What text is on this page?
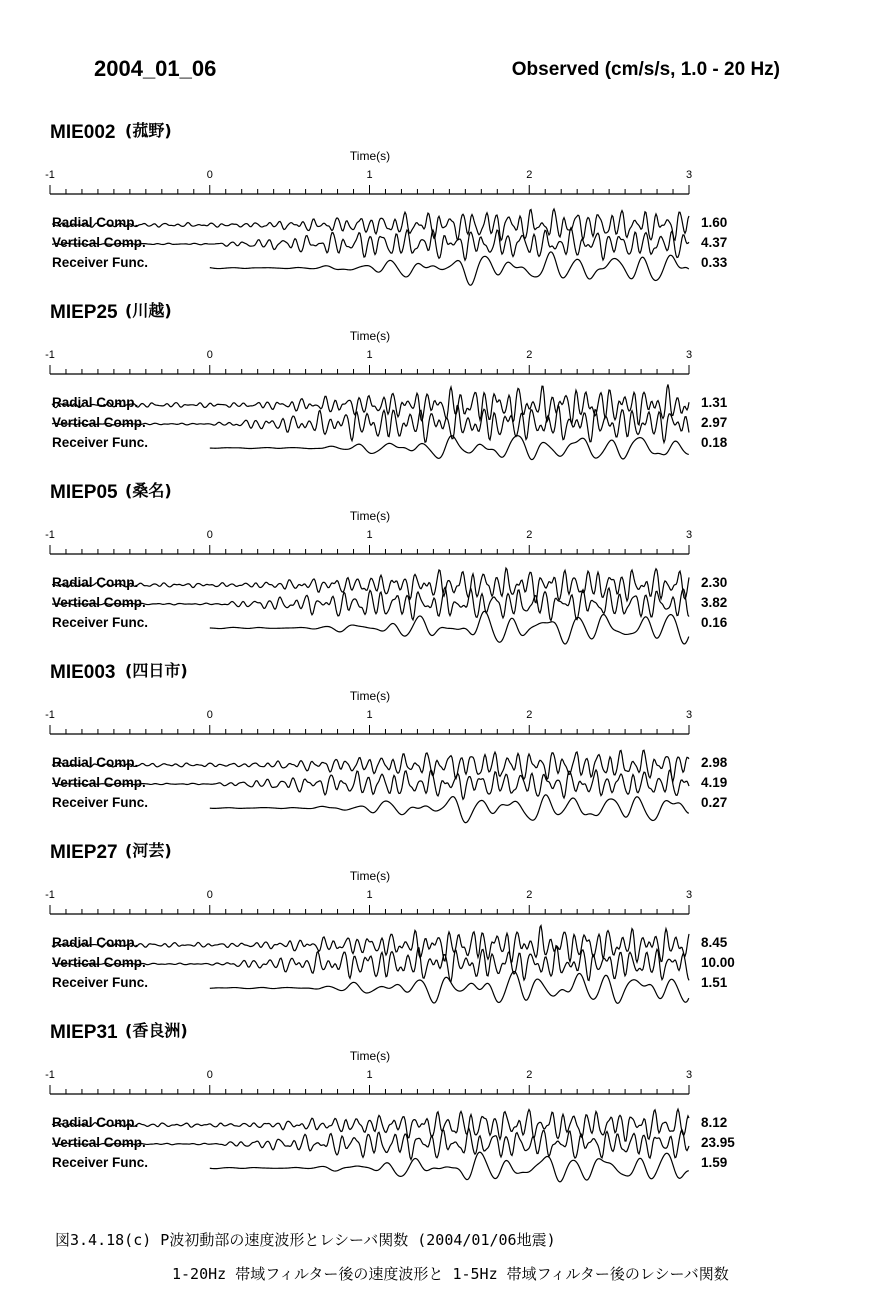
2004_01_06	Observed (cm/s/s, 1.0 - 20 Hz)
MIE002 (菰野)
Time(s)
-1	0	1	2	3
Radial Comp.	1.60
Vertical Comp.	4.37
Receiver Func.	0.33
MIEP25 (川越)
Time(s)
-1	0	1	2	3
Radial Comp.	1.31
Vertical Comp.	2.97
Receiver Func.	0.18
MIEP05 (桑名)
Time(s)
-1	0	1	2	3
Radial Comp.	2.30
Vertical Comp.	3.82
Receiver Func.	0.16
MIE003 (四日市)
Time(s)
-1	0	1	2	3
Radial Comp.	2.98
Vertical Comp.	4.19
Receiver Func.	0.27
MIEP27 (河芸)
Time(s)
-1	0	1	2	3
Radial Comp.	8.45
Vertical Comp.	10.00
Receiver Func.	1.51
MIEP31 (香良洲)
Time(s)
-1	0	1	2	3
Radial Comp.	8.12
Vertical Comp.	23.95
Receiver Func.	1.59
図3.4.18(c) P波初動部の速度波形とレシーバ関数 (2004/01/06地震)
1-20Hz 帯域フィルター後の速度波形と 1-5Hz 帯域フィルター後のレシーバ関数
